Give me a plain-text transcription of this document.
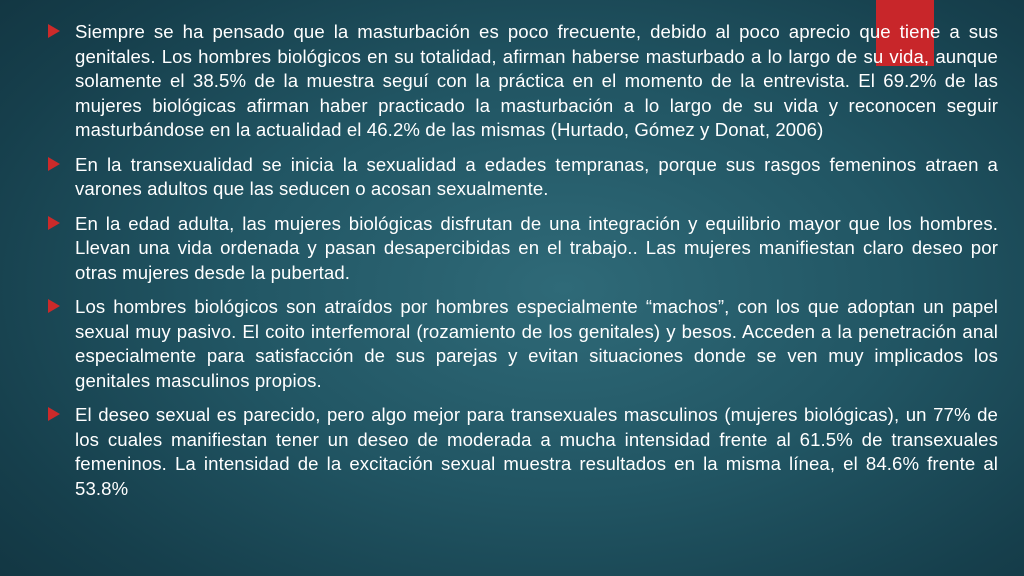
Siempre se ha pensado que la masturbación es poco frecuente, debido al poco aprecio que tiene a sus genitales. Los hombres biológicos en su totalidad, afirman haberse masturbado a lo largo de su vida, aunque solamente el 38.5% de la muestra seguí con la práctica en el momento de la entrevista. El 69.2% de las mujeres biológicas afirman haber practicado la masturbación a lo largo de su vida y reconocen seguir masturbándose en la actualidad el 46.2% de las mismas (Hurtado, Gómez y Donat, 2006)
En la transexualidad se inicia la sexualidad a edades tempranas, porque sus rasgos femeninos atraen a varones adultos que las seducen o acosan sexualmente.
En la edad adulta, las mujeres biológicas disfrutan de una integración y equilibrio mayor que los hombres. Llevan una vida ordenada y pasan desapercibidas en el trabajo.. Las mujeres manifiestan claro deseo por otras mujeres desde la pubertad.
Los hombres biológicos son atraídos por hombres especialmente “machos”, con los que adoptan un papel sexual muy pasivo. El coito interfemoral (rozamiento de los genitales) y besos. Acceden a la penetración anal especialmente para satisfacción de sus parejas y evitan situaciones donde se ven muy implicados los genitales masculinos propios.
El deseo sexual es parecido, pero algo mejor para transexuales masculinos (mujeres biológicas), un 77% de los cuales manifiestan tener un deseo de moderada a mucha intensidad frente al 61.5% de transexuales femeninos. La intensidad de la excitación sexual muestra resultados en la misma línea, el 84.6% frente al 53.8%
